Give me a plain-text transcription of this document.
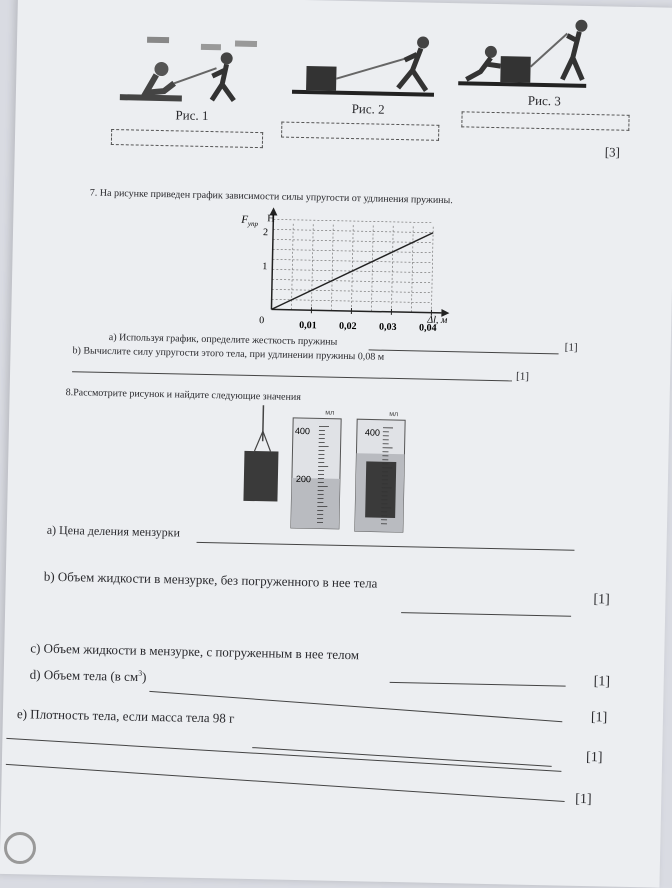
Рис. 1	Рис. 2
Рис. 3
[3]
7. На рисунке приведен график зависимости силы упругости от удлинения пружины.
0,01 0,02 0,03 0,04
$F_{упр}$ Н
2
1
0	Δl, м
а) Используя график, определите жесткость пружины	[1]
b) Вычислите силу упругости этого тела, при удлинении пружины 0,08 м
[1]
8.Рассмотрите рисунок и найдите следующие значения
мл
400
200
мл
400
а) Цена деления мензурки
b) Объем жидкости в мензурке, без погруженного в нее тела
[1]
c) Объем жидкости в мензурке, с погруженным в нее телом
[1]
d) Объем тела (в $см^3$)
[1]
е) Плотность тела, если масса тела 98 г
[1]
[1]
